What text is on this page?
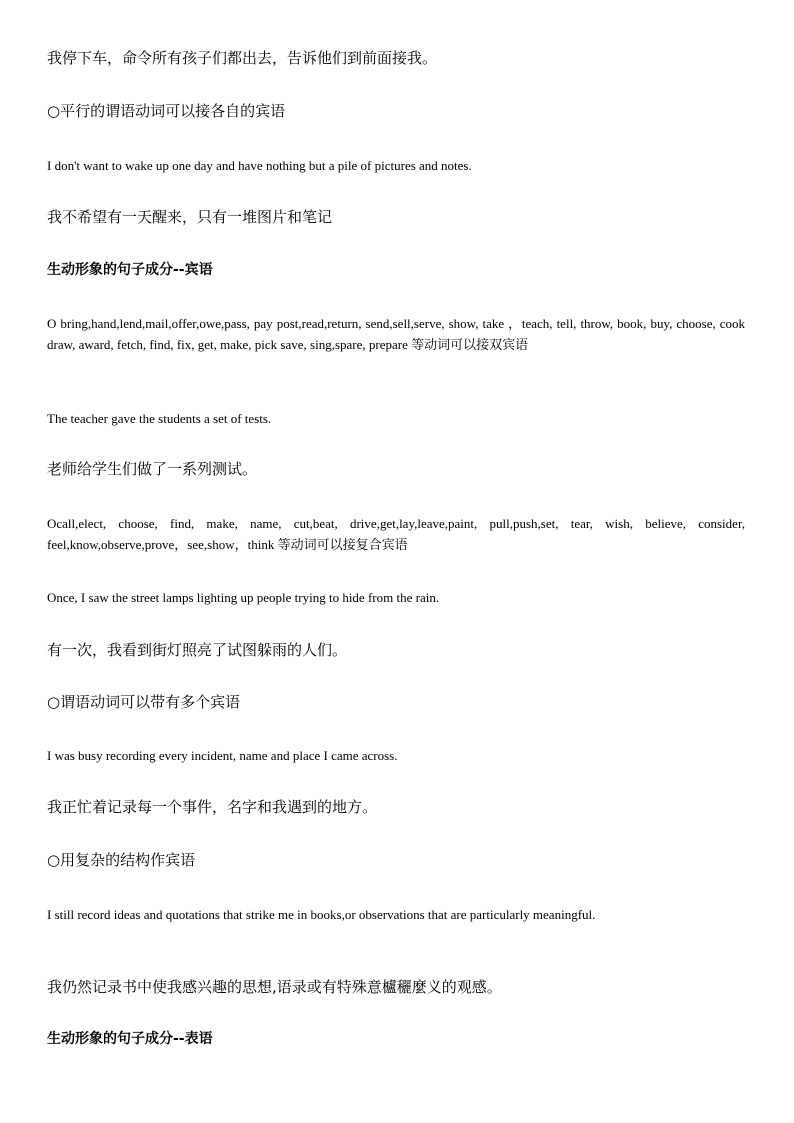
我停下车，命令所有孩子们都出去，告诉他们到前面接我。

○平行的谓语动词可以接各自的宾语

I don't want to wake up one day and have nothing but a pile of pictures and notes.

我不希望有一天醒来，只有一堆图片和笔记

生动形象的句子成分--宾语

O bring,hand,lend,mail,offer,owe,pass, pay post,read,return, send,sell,serve, show, take ，teach, tell, throw, book, buy, choose, cook draw, award, fetch, find, fix, get, make, pick save, sing,spare, prepare 等动词可以接双宾语

The teacher gave the students a set of tests.

老师给学生们做了一系列测试。

Ocall,elect, choose, find, make, name, cut,beat, drive,get,lay,leave,paint, pull,push,set, tear, wish, believe, consider, feel,know,observe,prove，see,show，think 等动词可以接复合宾语

Once, I saw the street lamps lighting up people trying to hide from the rain.

有一次，我看到街灯照亮了试图躲雨的人们。

○谓语动词可以带有多个宾语

I was busy recording every incident, name and place I came across.

我正忙着记录每一个事件，名字和我遇到的地方。

○用复杂的结构作宾语

I still record ideas and quotations that strike me in books,or observations that are particularly meaningful.

我仍然记录书中使我感兴趣的思想,语录或有特殊意櫨穲麼义的观感。

生动形象的句子成分--表语
